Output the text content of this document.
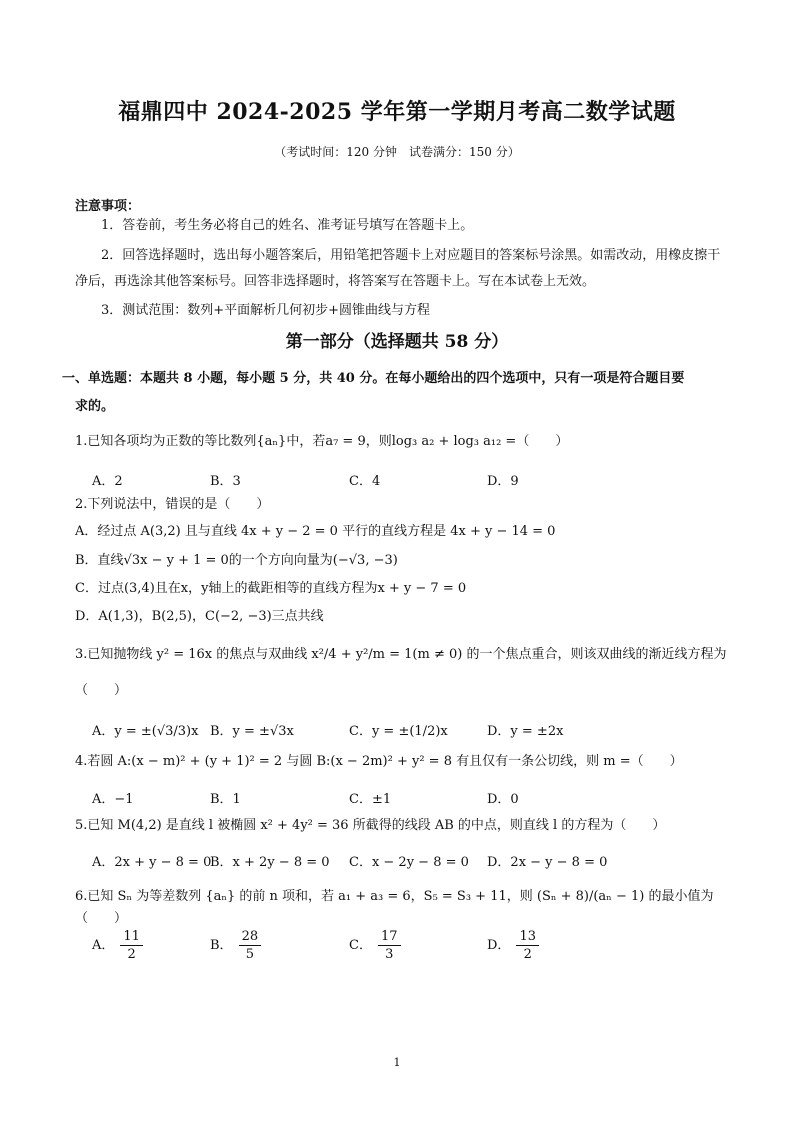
福鼎四中 2024-2025 学年第一学期月考高二数学试题
（考试时间：120 分钟　试卷满分：150 分）
注意事项：
1．答卷前，考生务必将自己的姓名、准考证号填写在答题卡上。
2．回答选择题时，选出每小题答案后，用铅笔把答题卡上对应题目的答案标号涂黑。如需改动，用橡皮擦干净后，再选涂其他答案标号。回答非选择题时，将答案写在答题卡上。写在本试卷上无效。
3．测试范围：数列+平面解析几何初步+圆锥曲线与方程
第一部分（选择题共 58 分）
一、单选题：本题共 8 小题，每小题 5 分，共 40 分。在每小题给出的四个选项中，只有一项是符合题目要
求的。
1.已知各项均为正数的等比数列{aₙ}中，若a₇ = 9，则log₃ a₂ + log₃ a₁₂ =（　　）
A．2	B．3	C．4	D．9
2.下列说法中，错误的是（　　）
A．经过点 A(3,2) 且与直线 4x + y − 2 = 0 平行的直线方程是 4x + y − 14 = 0
B．直线√3x − y + 1 = 0的一个方向向量为(−√3, −3)
C．过点(3,4)且在x，y轴上的截距相等的直线方程为x + y − 7 = 0
D．A(1,3)，B(2,5)，C(−2, −3)三点共线
3.已知抛物线 y² = 16x 的焦点与双曲线 x²/4 + y²/m = 1(m ≠ 0) 的一个焦点重合，则该双曲线的渐近线方程为
（　　）
A．y = ±(√3/3)x B．y = ±√3x	C．y = ±(1/2)x	D．y = ±2x
4.若圆 A:(x − m)² + (y + 1)² = 2 与圆 B:(x − 2m)² + y² = 8 有且仅有一条公切线，则 m =（　　）
A．−1	B．1	C．±1	D．0
5.已知 M(4,2) 是直线 l 被椭圆 x² + 4y² = 36 所截得的线段 AB 的中点，则直线 l 的方程为（　　）
A．2x + y − 8 = 0
B．x + 2y − 8 = 0 C．x − 2y − 8 = 0 D．2x − y − 8 = 0
6.已知 Sₙ 为等差数列 {aₙ} 的前 n 项和，若 a₁ + a₃ = 6，S₅ = S₃ + 11，则 (Sₙ + 8)/(aₙ − 1) 的最小值为（　　）
A． $\frac{11}{2}$	B． $\frac{28}{5}$	C． $\frac{17}{3}$	D． $\frac{13}{2}$
1
